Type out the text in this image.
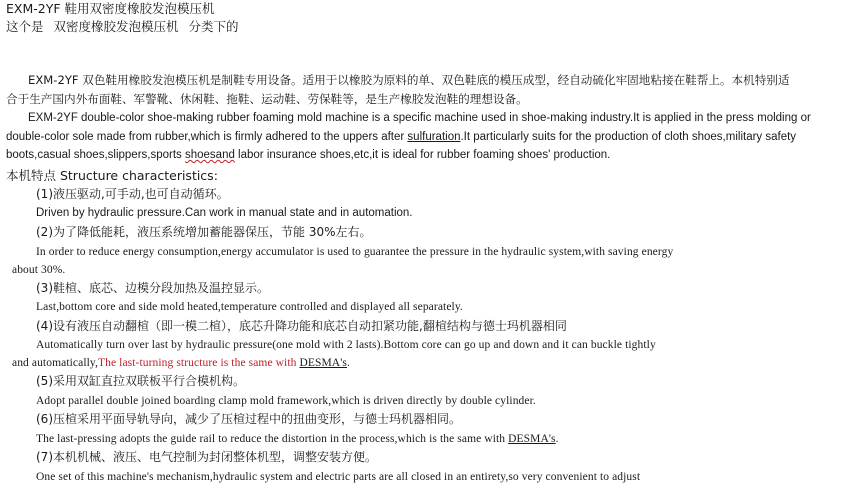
EXM-2YF 鞋用双密度橡胶发泡模压机
这个是 双密度橡胶发泡模压机 分类下的
EXM-2YF 双色鞋用橡胶发泡模压机是制鞋专用设备。适用于以橡胶为原料的单、双色鞋底的模压成型，经自动硫化牢固地粘接在鞋帮上。本机特别适
合于生产国内外布面鞋、军警靴、休闲鞋、拖鞋、运动鞋、劳保鞋等，是生产橡胶发泡鞋的理想设备。
EXM-2YF double-color shoe-making rubber foaming mold machine is a specific machine used in shoe-making industry.It is applied in the press molding or
double-color sole made from rubber,which is firmly adhered to the uppers after sulfuration.It particularly suits for the production of cloth shoes,military safety
boots,casual shoes,slippers,sports shoesand labor insurance shoes,etc,it is ideal for rubber foaming shoes' production.
本机特点 Structure characteristics:
(1)液压驱动,可手动,也可自动循环。
Driven by hydraulic pressure.Can work in manual state and in automation.
(2)为了降低能耗，液压系统增加蓄能器保压，节能 30%左右。
In order to reduce energy consumption,energy accumulator is used to guarantee the pressure in the hydraulic system,with saving energy
about 30%.
(3)鞋楦、底芯、边模分段加热及温控显示。
Last,bottom core and side mold heated,temperature controlled and displayed all separately.
(4)设有液压自动翻楦（即一模二楦），底芯升降功能和底芯自动扣紧功能,翻楦结构与德士玛机器相同
Automatically turn over last by hydraulic pressure(one mold with 2 lasts).Bottom core can go up and down and it can buckle tightly
and automatically,The last-turning structure is the same with DESMA's.
(5)采用双缸直拉双联板平行合模机构。
Adopt parallel double joined boarding clamp mold framework,which is driven directly by double cylinder.
(6)压楦采用平面导轨导向，减少了压楦过程中的扭曲变形，与德士玛机器相同。
The last-pressing adopts the guide rail to reduce the distortion in the process,which is the same with DESMA's.
(7)本机机械、液压、电气控制为封闭整体机型，调整安装方便。
One set of this machine's mechanism,hydraulic system and electric parts are all closed in an entirety,so very convenient to adjust
